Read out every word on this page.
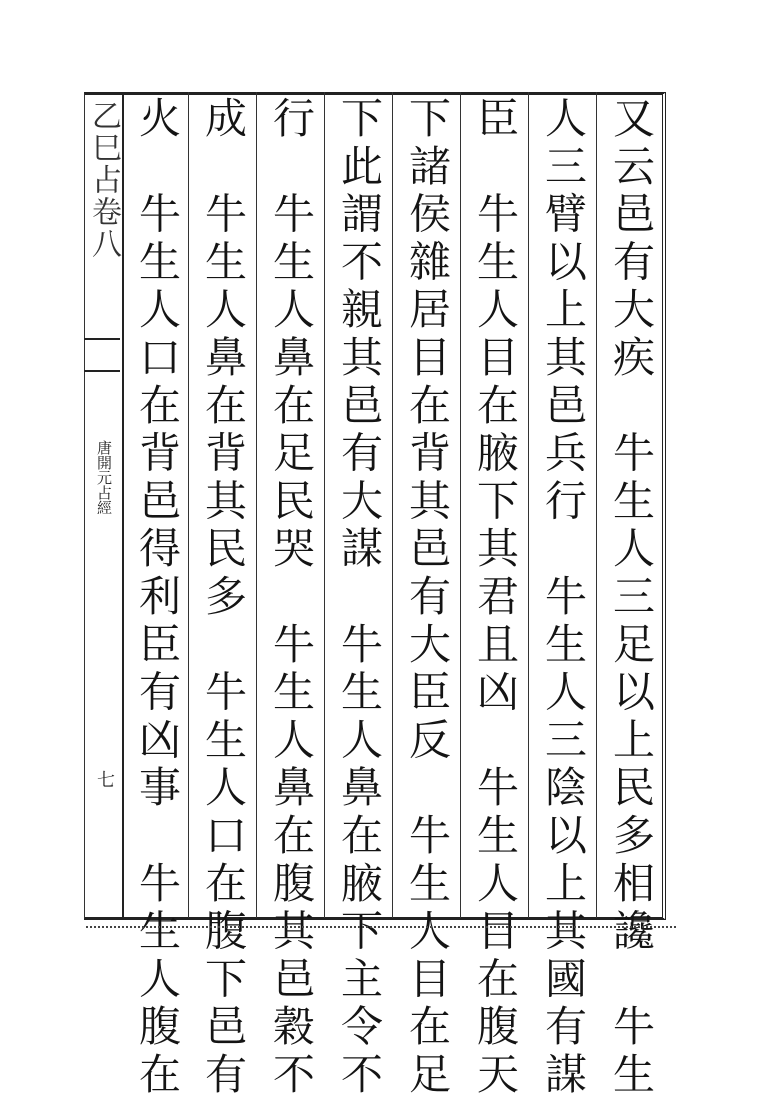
乙巳占卷八
唐開元占經
七	又云邑有大疾　牛生人三足以上民多相讒　牛生
人三臂以上其邑兵行　牛生人三陰以上其國有謀
臣　牛生人目在腋下其君且凶　牛生人目在腹天
下諸侯雜居目在背其邑有大臣反　牛生人目在足
下此謂不親其邑有大謀　牛生人鼻在腋下主令不
行　牛生人鼻在足民哭　牛生人鼻在腹其邑穀不
成　牛生人鼻在背其民多　牛生人口在腹下邑有
火　牛生人口在背邑得利臣有凶事　牛生人腹在
